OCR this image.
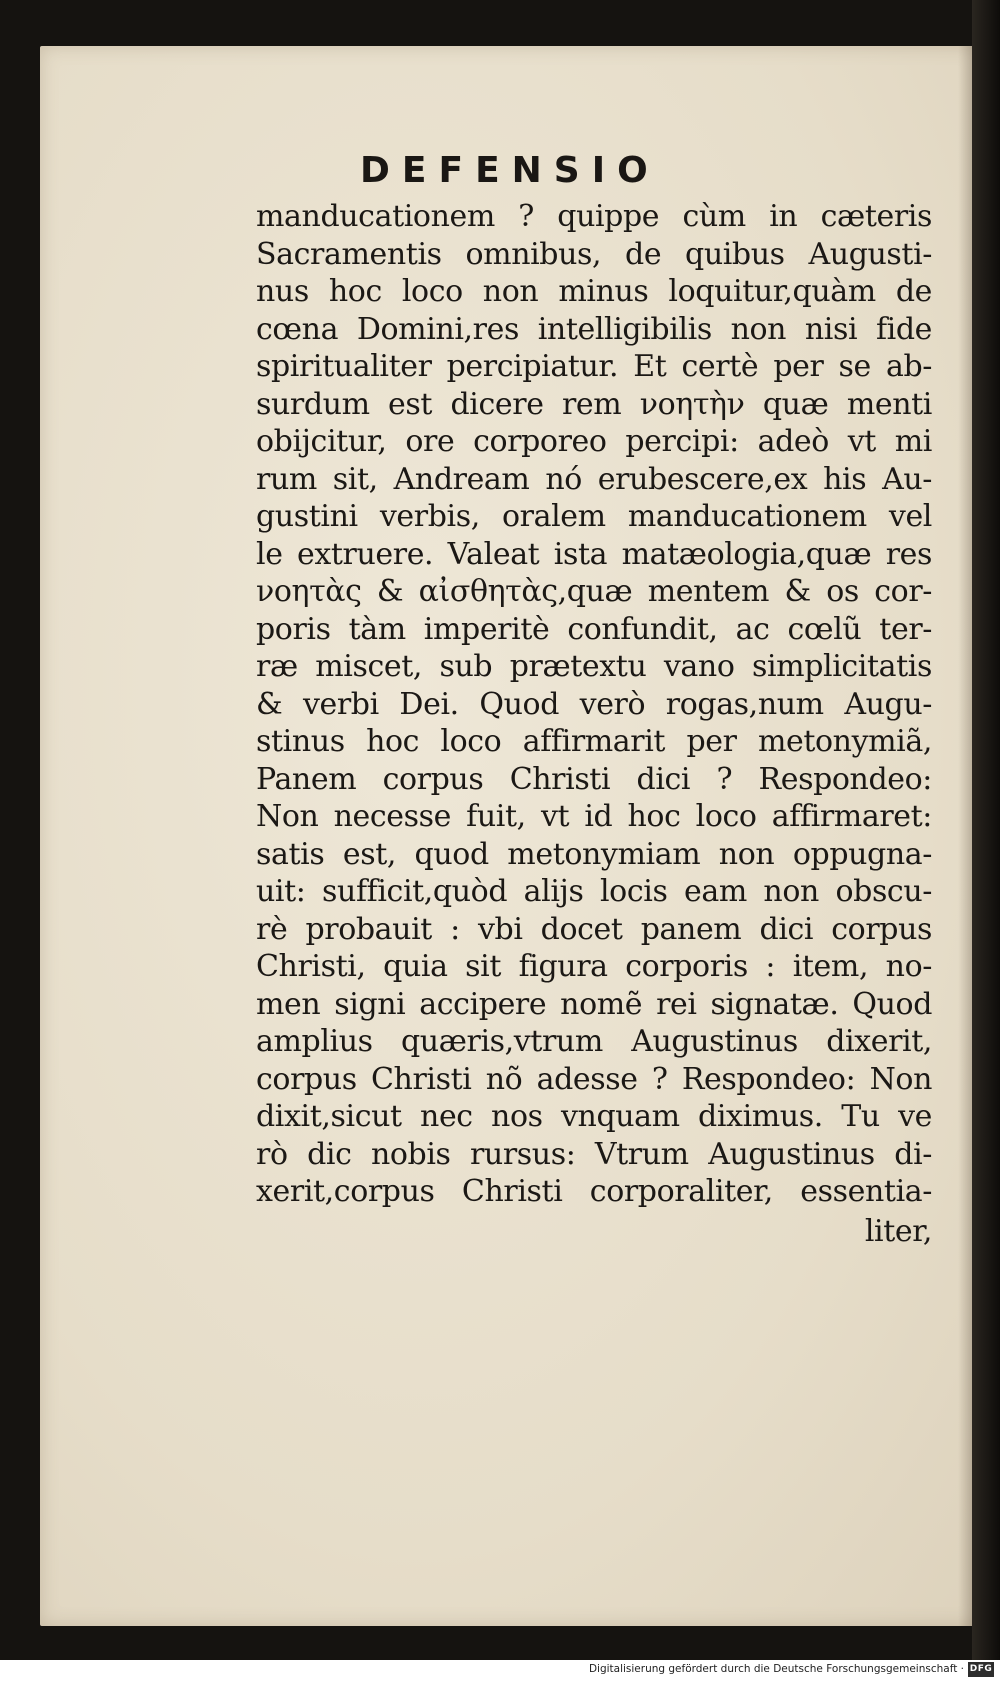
DEFENSIO
manducationem ? quippe cùm in cæteris
Sacramentis omnibus, de quibus Augusti-
nus hoc loco non minus loquitur,quàm de
cœna Domini,res intelligibilis non nisi fide
spiritualiter percipiatur. Et certè per se ab-
surdum est dicere rem νοητὴν quæ menti
obijcitur, ore corporeo percipi: adeò vt mi
rum sit, Andream nó erubescere,ex his Au-
gustini verbis, oralem manducationem vel
le extruere. Valeat ista matæologia,quæ res
νοητὰς & αἰσθητὰς,quæ mentem & os cor-
poris tàm imperitè confundit, ac cœlũ ter-
ræ miscet, sub prætextu vano simplicitatis
& verbi Dei. Quod verò rogas,num Augu-
stinus hoc loco affirmarit per metonymiã,
Panem corpus Christi dici ? Respondeo:
Non necesse fuit, vt id hoc loco affirmaret:
satis est, quod metonymiam non oppugna-
uit: sufficit,quòd alijs locis eam non obscu-
rè probauit : vbi docet panem dici corpus
Christi, quia sit figura corporis : item, no-
men signi accipere nomẽ rei signatæ. Quod
amplius quæris,vtrum Augustinus dixerit,
corpus Christi nõ adesse ? Respondeo: Non
dixit,sicut nec nos vnquam diximus. Tu ve
rò dic nobis rursus: Vtrum Augustinus di-
xerit,corpus Christi corporaliter, essentia-
liter,
Digitalisierung gefördert durch die Deutsche Forschungsgemeinschaft · DFG
